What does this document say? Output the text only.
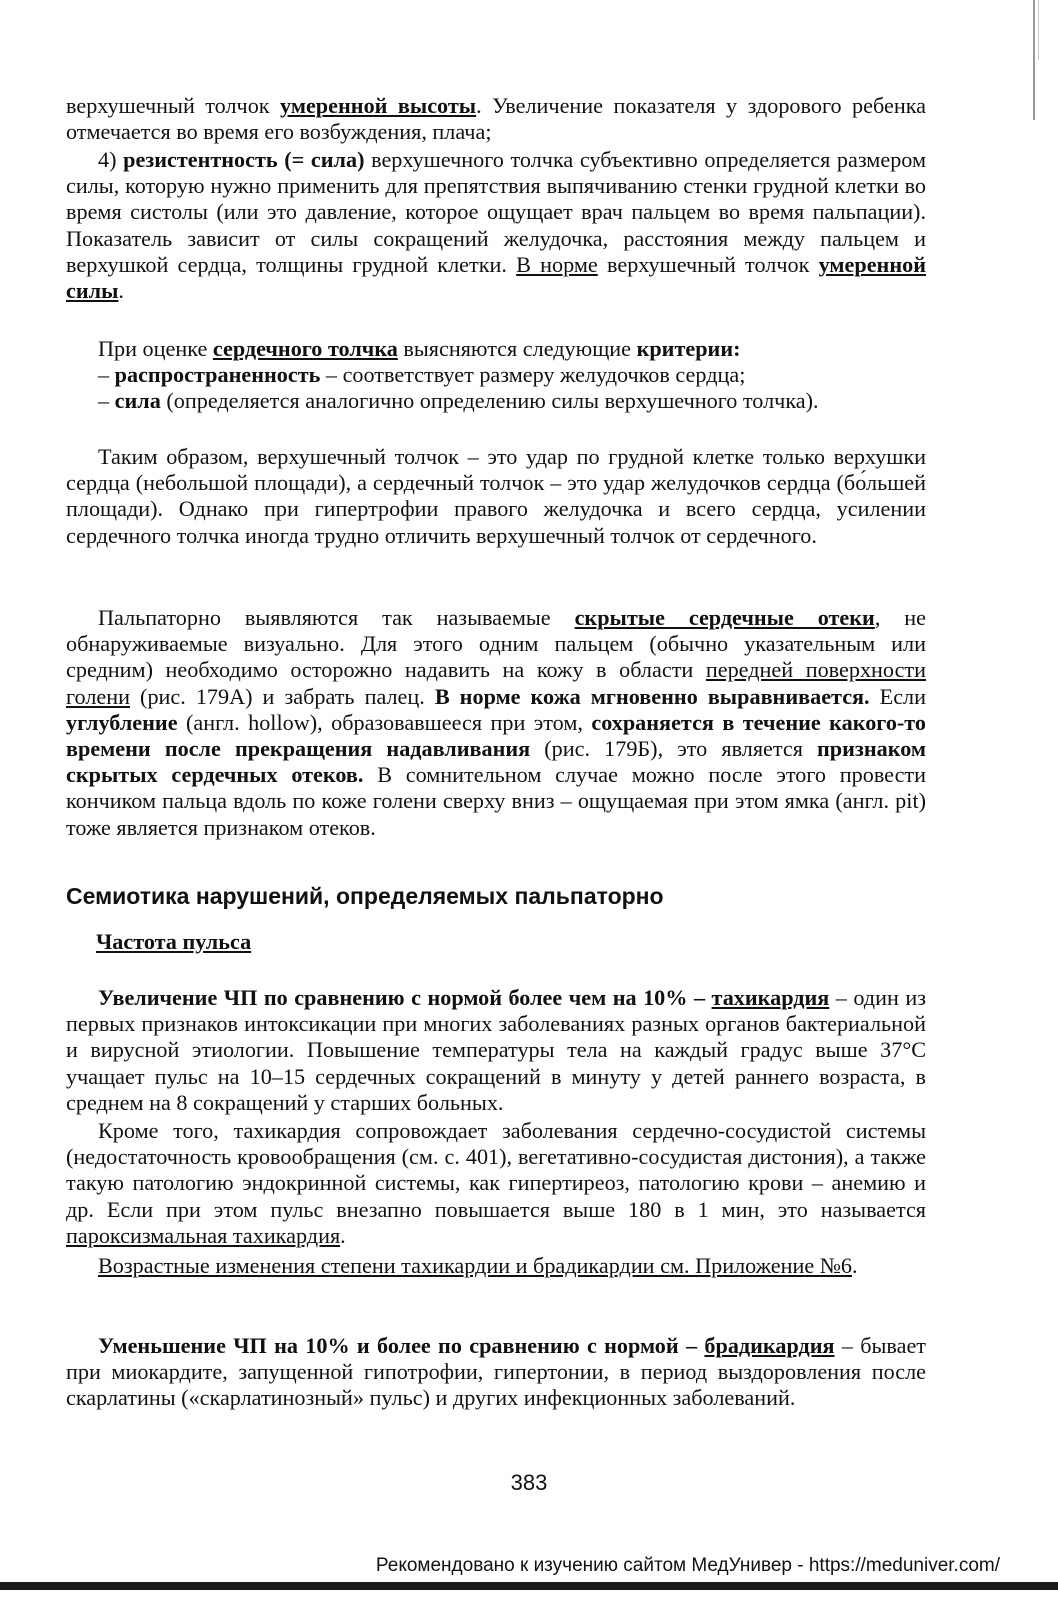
верхушечный толчок умеренной высоты. Увеличение показателя у здорового ребенка отмечается во время его возбуждения, плача;

4) резистентность (= сила) верхушечного толчка субъективно определяется размером силы, которую нужно применить для препятствия выпячиванию стенки грудной клетки во время систолы (или это давление, которое ощущает врач пальцем во время пальпации). Показатель зависит от силы сокращений желудочка, расстояния между пальцем и верхушкой сердца, толщины грудной клетки. В норме верхушечный толчок умеренной силы.

При оценке сердечного толчка выясняются следующие критерии:

– распространенность – соответствует размеру желудочков сердца;

– сила (определяется аналогично определению силы верхушечного толчка).

Таким образом, верхушечный толчок – это удар по грудной клетке только верхушки сердца (небольшой площади), а сердечный толчок – это удар желудочков сердца (бо́льшей площади). Однако при гипертрофии правого желудочка и всего сердца, усилении сердечного толчка иногда трудно отличить верхушечный толчок от сердечного.

Пальпаторно выявляются так называемые скрытые сердечные отеки, не обнаруживаемые визуально. Для этого одним пальцем (обычно указательным или средним) необходимо осторожно надавить на кожу в области передней поверхности голени (рис. 179А) и забрать палец. В норме кожа мгновенно выравнивается. Если углубление (англ. hollow), образовавшееся при этом, сохраняется в течение какого-то времени после прекращения надавливания (рис. 179Б), это является признаком скрытых сердечных отеков. В сомнительном случае можно после этого провести кончиком пальца вдоль по коже голени сверху вниз – ощущаемая при этом ямка (англ. pit) тоже является признаком отеков.

Семиотика нарушений, определяемых пальпаторно
Частота пульса

Увеличение ЧП по сравнению с нормой более чем на 10% – тахикардия – один из первых признаков интоксикации при многих заболеваниях разных органов бактериальной и вирусной этиологии. Повышение температуры тела на каждый градус выше 37°С учащает пульс на 10–15 сердечных сокращений в минуту у детей раннего возраста, в среднем на 8 сокращений у старших больных.

Кроме того, тахикардия сопровождает заболевания сердечно-сосудистой системы (недостаточность кровообращения (см. с. 401), вегетативно-сосудистая дистония), а также такую патологию эндокринной системы, как гипертиреоз, патологию крови – анемию и др. Если при этом пульс внезапно повышается выше 180 в 1 мин, это называется пароксизмальная тахикардия.

Возрастные изменения степени тахикардии и брадикардии см. Приложение №6.

Уменьшение ЧП на 10% и более по сравнению с нормой – брадикардия – бывает при миокардите, запущенной гипотрофии, гипертонии, в период выздоровления после скарлатины («скарлатинозный» пульс) и других инфекционных заболеваний.

383
Рекомендовано к изучению сайтом МедУнивер - https://meduniver.com/
